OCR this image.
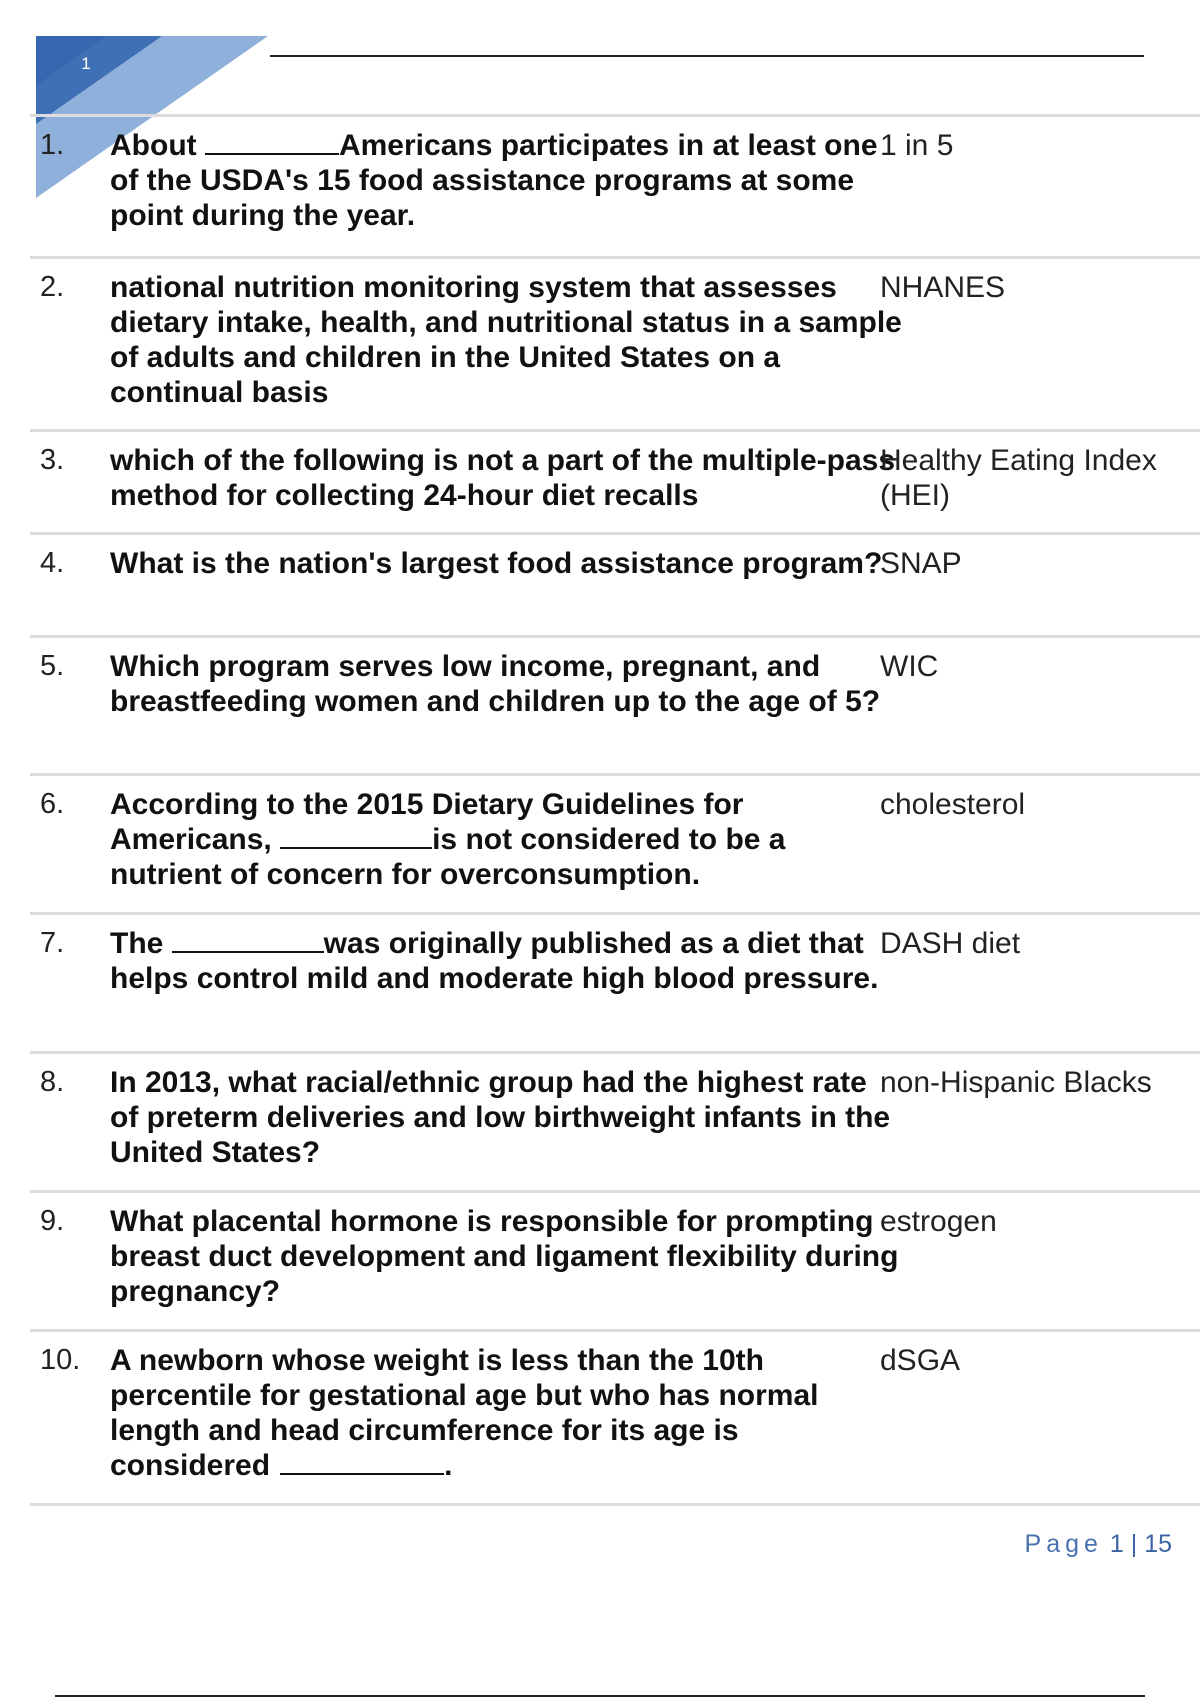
1
1. About	Americans participates in at least one of the USDA's 15 food assistance programs at some point during the year.
1 in 5
2. national nutrition monitoring system that assesses dietary intake, health, and nutritional status in a sample of adults and children in the United States on a continual basis
NHANES
3. which of the following is not a part of the multiple-pass method for collecting 24-hour diet recalls
Healthy Eating Index (HEI)
4. What is the nation's largest food assistance program?
SNAP
5. Which program serves low income, pregnant, and breastfeeding women and children up to the age of 5?
WIC
6. According to the 2015 Dietary Guidelines for Americans,	is not considered to be a nutrient of concern for overconsumption.
cholesterol
7. The	was originally published as a diet that helps control mild and moderate high blood pressure.
DASH diet
8. In 2013, what racial/ethnic group had the highest rate of preterm deliveries and low birthweight infants in the United States?
non-Hispanic Blacks
9. What placental hormone is responsible for prompting breast duct development and ligament flexibility during pregnancy?
estrogen
10. A newborn whose weight is less than the 10th percentile for gestational age but who has normal length and head circumference for its age is considered	.
dSGA
Page 1 | 15
